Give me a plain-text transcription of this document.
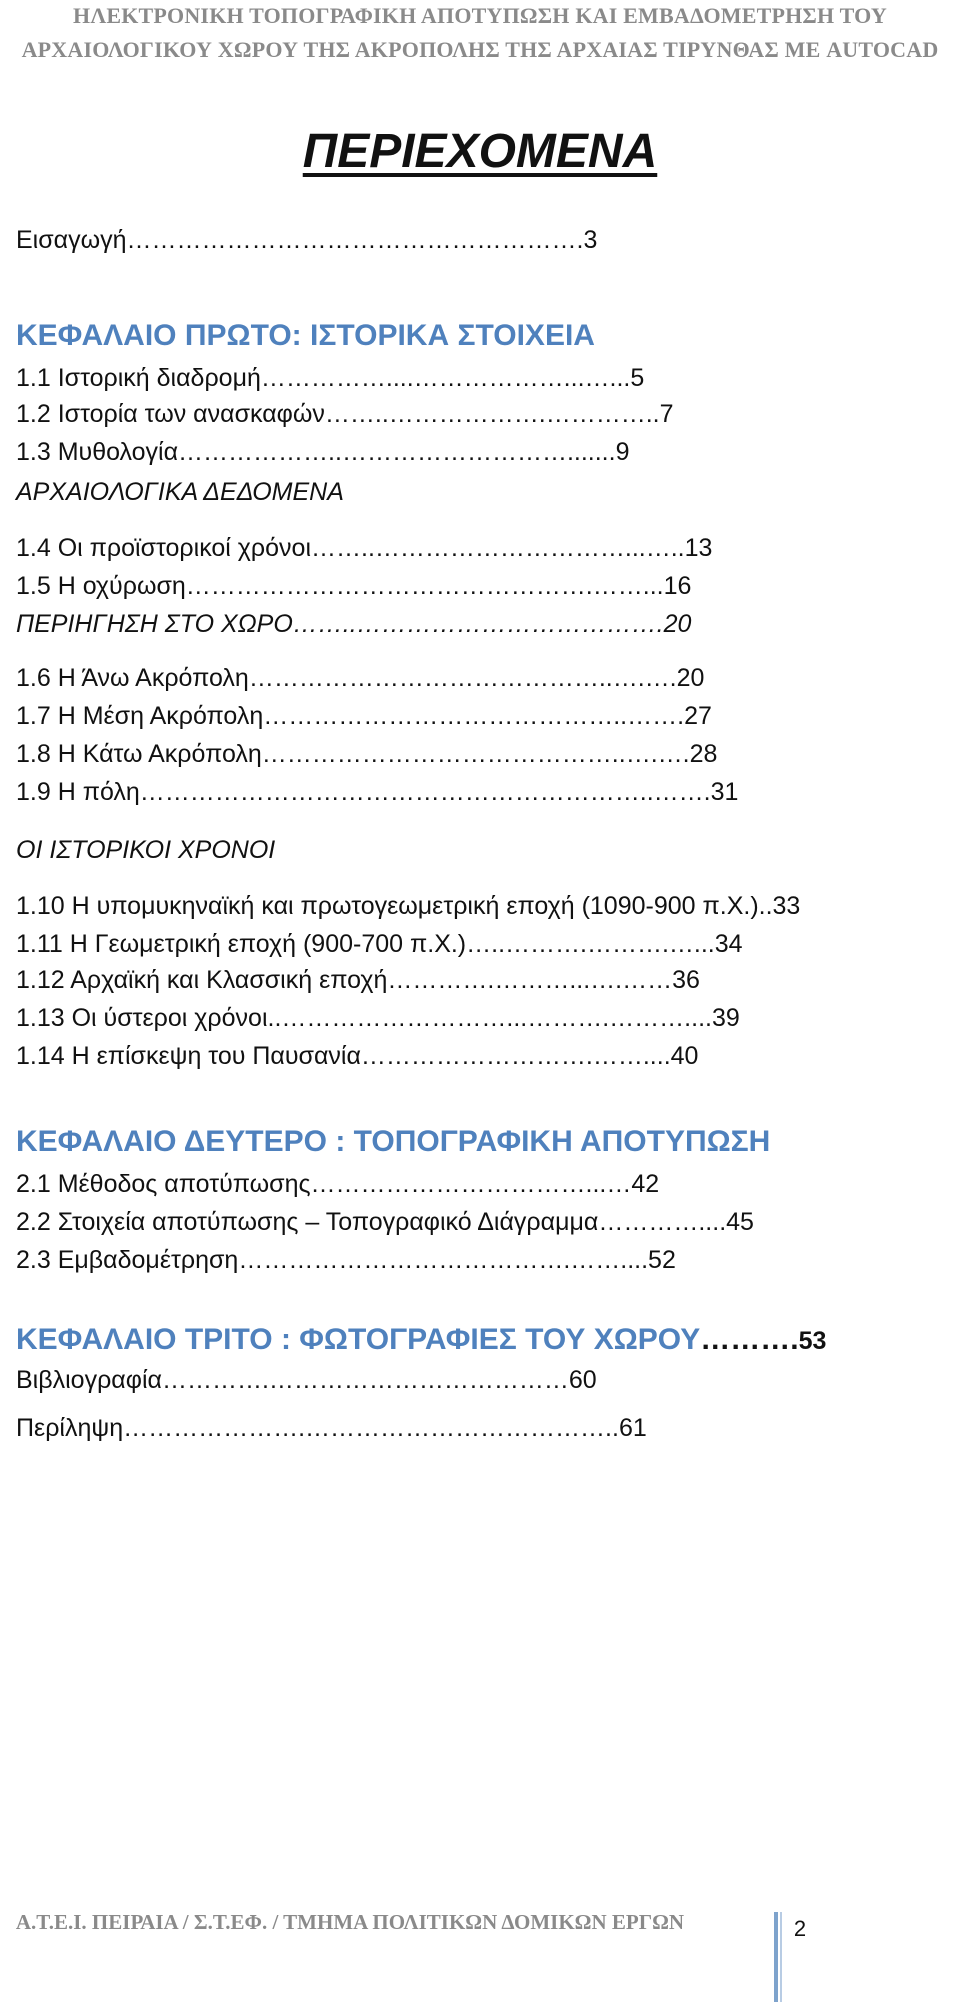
ΗΛΕΚΤΡΟΝΙΚΗ ΤΟΠΟΓΡΑΦΙΚΗ ΑΠΟΤΥΠΩΣΗ ΚΑΙ ΕΜΒΑΔΟΜΕΤΡΗΣΗ ΤΟΥ
ΑΡΧΑΙΟΛΟΓΙΚΟΥ ΧΩΡΟΥ ΤΗΣ ΑΚΡΟΠΟΛΗΣ ΤΗΣ ΑΡΧΑΙΑΣ ΤΙΡΥΝΘΑΣ ΜΕ AUTOCAD
ΠΕΡΙΕΧΟΜΕΝΑ
Εισαγωγή……………………………………………….3
ΚΕΦΑΛΑΙΟ ΠΡΩΤΟ: ΙΣΤΟΡΙΚΑ ΣΤΟΙΧΕΙΑ
1.1 Ιστορική διαδρομή……………....………………...…...5
1.2 Ιστορία των ανασκαφών……..……………….…………..7
1.3 Μυθολογία………………..……………………….......9
ΑΡΧΑΙΟΛΟΓΙΚΑ ΔΕΔΟΜΕΝΑ
1.4 Οι προϊστορικοί χρόνοι……..…………………………...…..13
1.5 Η οχύρωση………………………………………….……...16
ΠΕΡΙΗΓΗΣΗ ΣΤΟ ΧΩΡΟ……..……………………………….20
1.6 Η Άνω Ακρόπολη……………………………………..….….20
1.7 Η Μέση Ακρόπολη……………………………………..…….27
1.8 Η Κάτω Ακρόπολη……………………………………..….….28
1.9 Η πόλη……………………………………………………..…….31
ΟΙ ΙΣΤΟΡΙΚΟΙ ΧΡΟΝΟΙ
1.10 Η υπομυκηναϊκή και πρωτογεωμετρική εποχή (1090-900 π.Χ.)..33
1.11 Η Γεωμετρική εποχή (900-700 π.Χ.)…..……….……….…...34
1.12 Αρχαϊκή και Κλασσική εποχή………….………...….……36
1.13 Οι ύστεροι χρόνοι..………………………...……….………....39
1.14 Η επίσκεψη του Παυσανία……………………….……....40
ΚΕΦΑΛΑΙΟ ΔΕΥΤΕΡΟ : ΤΟΠΟΓΡΑΦΙΚΗ ΑΠΟΤΥΠΩΣΗ
2.1 Μέθοδος αποτύπωσης……………………………...…42
2.2 Στοιχεία αποτύπωσης – Τοπογραφικό Διάγραμμα…………....45
2.3 Εμβαδομέτρηση………………………………….……....52
ΚΕΦΑΛΑΙΟ ΤΡΙΤΟ : ΦΩΤΟΓΡΑΦΙΕΣ ΤΟΥ ΧΩΡΟΥ……….53
Βιβλιογραφία………….………………………………60
Περίληψη………………….………………………………..61
Α.Τ.Ε.Ι. ΠΕΙΡΑΙΑ / Σ.Τ.ΕΦ. / ΤΜΗΜΑ ΠΟΛΙΤΙΚΩΝ ΔΟΜΙΚΩΝ ΕΡΓΩΝ	2
